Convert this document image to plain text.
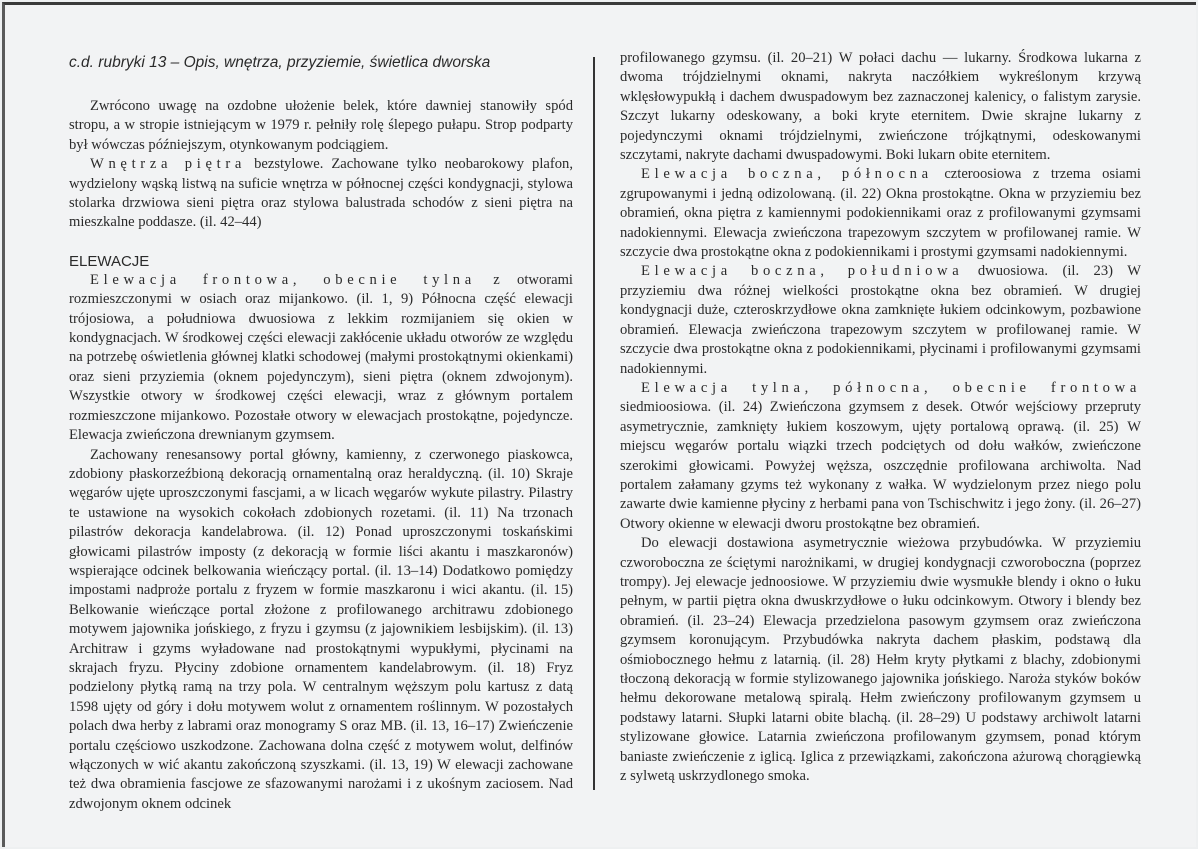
c.d. rubryki 13 – Opis, wnętrza, przyziemie, świetlica dworska

Zwrócono uwagę na ozdobne ułożenie belek, które dawniej stanowiły spód stropu, a w stropie istniejącym w 1979 r. pełniły rolę ślepego pułapu. Strop podparty był wówczas późniejszym, otynkowanym podciągiem.

Wnętrza piętra bezstylowe. Zachowane tylko neobarokowy plafon, wydzielony wąską listwą na suficie wnętrza w północnej części kondygnacji, stylowa stolarka drzwiowa sieni piętra oraz stylowa balustrada schodów z sieni piętra na mieszkalne poddasze. (il. 42–44)

ELEWACJE

Elewacja frontowa, obecnie tylna z otworami rozmieszczonymi w osiach oraz mijankowo. (il. 1, 9) Północna część elewacji trójosiowa, a południowa dwuosiowa z lekkim rozmijaniem się okien w kondygnacjach. W środkowej części elewacji zakłócenie układu otworów ze względu na potrzebę oświetlenia głównej klatki schodowej (małymi prostokątnymi okienkami) oraz sieni przyziemia (oknem pojedynczym), sieni piętra (oknem zdwojonym). Wszystkie otwory w środkowej części elewacji, wraz z głównym portalem rozmieszczone mijankowo. Pozostałe otwory w elewacjach prostokątne, pojedyncze. Elewacja zwieńczona drewnianym gzymsem.

Zachowany renesansowy portal główny, kamienny, z czerwonego piaskowca, zdobiony płaskorzeźbioną dekoracją ornamentalną oraz heraldyczną. (il. 10) Skraje węgarów ujęte uproszczonymi fascjami, a w licach węgarów wykute pilastry. Pilastry te ustawione na wysokich cokołach zdobionych rozetami. (il. 11) Na trzonach pilastrów dekoracja kandelabrowa. (il. 12) Ponad uproszczonymi toskańskimi głowicami pilastrów imposty (z dekoracją w formie liści akantu i maszkaronów) wspierające odcinek belkowania wieńczący portal. (il. 13–14) Dodatkowo pomiędzy impostami nadproże portalu z fryzem w formie maszkaronu i wici akantu. (il. 15) Belkowanie wieńczące portal złożone z profilowanego architrawu zdobionego motywem jajownika jońskiego, z fryzu i gzymsu (z jajownikiem lesbijskim). (il. 13) Architraw i gzyms wyładowane nad prostokątnymi wypukłymi, płycinami na skrajach fryzu. Płyciny zdobione ornamentem kandelabrowym. (il. 18) Fryz podzielony płytką ramą na trzy pola. W centralnym węższym polu kartusz z datą 1598 ujęty od góry i dołu motywem wolut z ornamentem roślinnym. W pozostałych polach dwa herby z labrami oraz monogramy S oraz MB. (il. 13, 16–17) Zwieńczenie portalu częściowo uszkodzone. Zachowana dolna część z motywem wolut, delfinów włączonych w wić akantu zakończoną szyszkami. (il. 13, 19) W elewacji zachowane też dwa obramienia fascjowe ze sfazowanymi narożami i z ukośnym zaciosem. Nad zdwojonym oknem odcinek

profilowanego gzymsu. (il. 20–21) W połaci dachu — lukarny. Środkowa lukarna z dwoma trójdzielnymi oknami, nakryta naczółkiem wykreślonym krzywą wklęsłowypukłą i dachem dwuspadowym bez zaznaczonej kalenicy, o falistym zarysie. Szczyt lukarny odeskowany, a boki kryte eternitem. Dwie skrajne lukarny z pojedynczymi oknami trójdzielnymi, zwieńczone trójkątnymi, odeskowanymi szczytami, nakryte dachami dwuspadowymi. Boki lukarn obite eternitem.

Elewacja boczna, północna czteroosiowa z trzema osiami zgrupowanymi i jedną odizolowaną. (il. 22) Okna prostokątne. Okna w przyziemiu bez obramień, okna piętra z kamiennymi podokiennikami oraz z profilowanymi gzymsami nadokiennymi. Elewacja zwieńczona trapezowym szczytem w profilowanej ramie. W szczycie dwa prostokątne okna z podokiennikami i prostymi gzymsami nadokiennymi.

Elewacja boczna, południowa dwuosiowa. (il. 23) W przyziemiu dwa różnej wielkości prostokątne okna bez obramień. W drugiej kondygnacji duże, czteroskrzydłowe okna zamknięte łukiem odcinkowym, pozbawione obramień. Elewacja zwieńczona trapezowym szczytem w profilowanej ramie. W szczycie dwa prostokątne okna z podokiennikami, płycinami i profilowanymi gzymsami nadokiennymi.

Elewacja tylna, północna, obecnie frontowa siedmioosiowa. (il. 24) Zwieńczona gzymsem z desek. Otwór wejściowy przepruty asymetrycznie, zamknięty łukiem koszowym, ujęty portalową oprawą. (il. 25) W miejscu węgarów portalu wiązki trzech podciętych od dołu wałków, zwieńczone szerokimi głowicami. Powyżej węższa, oszczędnie profilowana archiwolta. Nad portalem załamany gzyms też wykonany z wałka. W wydzielonym przez niego polu zawarte dwie kamienne płyciny z herbami pana von Tschischwitz i jego żony. (il. 26–27) Otwory okienne w elewacji dworu prostokątne bez obramień.

Do elewacji dostawiona asymetrycznie wieżowa przybudówka. W przyziemiu czworoboczna ze ściętymi narożnikami, w drugiej kondygnacji czworoboczna (poprzez trompy). Jej elewacje jednoosiowe. W przyziemiu dwie wysmukłe blendy i okno o łuku pełnym, w partii piętra okna dwuskrzydłowe o łuku odcinkowym. Otwory i blendy bez obramień. (il. 23–24) Elewacja przedzielona pasowym gzymsem oraz zwieńczona gzymsem koronującym. Przybudówka nakryta dachem płaskim, podstawą dla ośmiobocznego hełmu z latarnią. (il. 28) Hełm kryty płytkami z blachy, zdobionymi tłoczoną dekoracją w formie stylizowanego jajownika jońskiego. Naroża styków boków hełmu dekorowane metalową spiralą. Hełm zwieńczony profilowanym gzymsem u podstawy latarni. Słupki latarni obite blachą. (il. 28–29) U podstawy archiwolt latarni stylizowane głowice. Latarnia zwieńczona profilowanym gzymsem, ponad którym baniaste zwieńczenie z iglicą. Iglica z przewiązkami, zakończona ażurową chorągiewką z sylwetą uskrzydlonego smoka.
